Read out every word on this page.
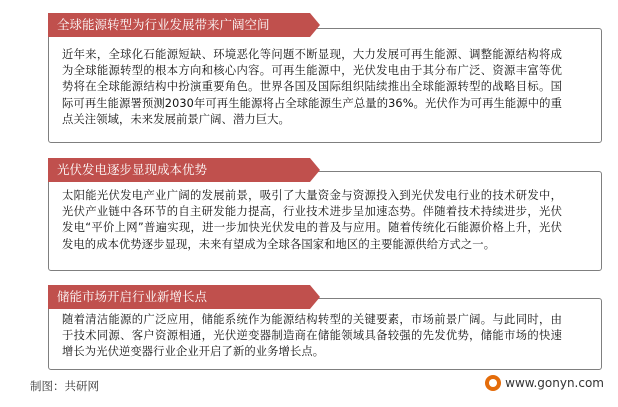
全球能源转型为行业发展带来广阔空间
近年来，全球化石能源短缺、环境恶化等问题不断显现，大力发展可再生能源、调整能源结构将成为全球能源转型的根本方向和核心内容。可再生能源中，光伏发电由于其分布广泛、资源丰富等优势将在全球能源结构中扮演重要角色。世界各国及国际组织陆续推出全球能源转型的战略目标。国际可再生能源署预测2030年可再生能源将占全球能源生产总量的36%。光伏作为可再生能源中的重点关注领域，未来发展前景广阔、潜力巨大。
光伏发电逐步显现成本优势
太阳能光伏发电产业广阔的发展前景，吸引了大量资金与资源投入到光伏发电行业的技术研发中，光伏产业链中各环节的自主研发能力提高，行业技术进步呈加速态势。伴随着技术持续进步，光伏发电“平价上网”普遍实现，进一步加快光伏发电的普及与应用。随着传统化石能源价格上升，光伏发电的成本优势逐步显现，未来有望成为全球各国家和地区的主要能源供给方式之一。
储能市场开启行业新增长点
随着清洁能源的广泛应用，储能系统作为能源结构转型的关键要素，市场前景广阔。与此同时，由于技术同源、客户资源相通，光伏逆变器制造商在储能领域具备较强的先发优势，储能市场的快速增长为光伏逆变器行业企业开启了新的业务增长点。
制图：共研网	www.gonyn.com
